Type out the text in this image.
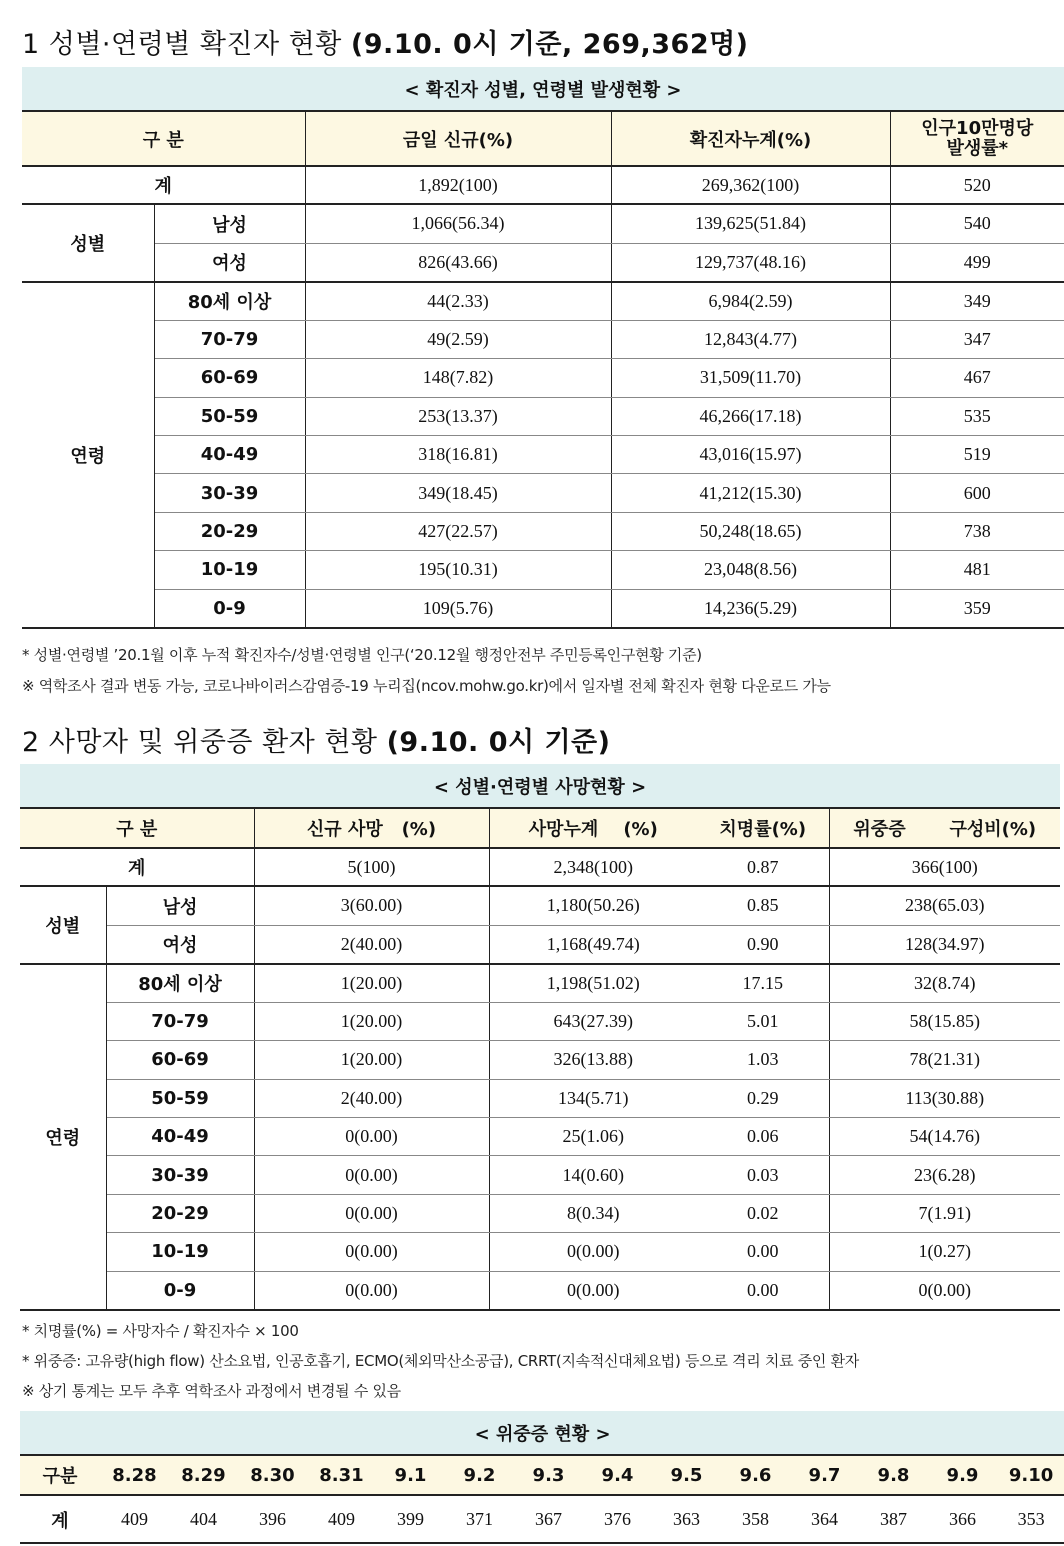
1 성별·연령별 확진자 현황 (9.10. 0시 기준, 269,362명)
< 확진자 성별, 연령별 발생현황 >				
구 분		금일 신규(%)	확진자누계(%)	인구10만명당
발생률*

계		1,892(100)	269,362(100)	520
성별	남성	1,066(56.34)	139,625(51.84)	540
	여성	826(43.66)	129,737(48.16)	499
연령	80세 이상	44(2.33)	6,984(2.59)	349
	70-79	49(2.59)	12,843(4.77)	347
	60-69	148(7.82)	31,509(11.70)	467
	50-59	253(13.37)	46,266(17.18)	535
	40-49	318(16.81)	43,016(15.97)	519
	30-39	349(18.45)	41,212(15.30)	600
	20-29	427(22.57)	50,248(18.65)	738
	10-19	195(10.31)	23,048(8.56)	481
	0-9	109(5.76)	14,236(5.29)	359
* 성별·연령별 ’20.1월 이후 누적 확진자수/성별·연령별 인구(‘20.12월 행정안전부 주민등록인구현황 기준)
※ 역학조사 결과 변동 가능, 코로나바이러스감염증-19 누리집(ncov.mohw.go.kr)에서 일자별 전체 확진자 현황 다운로드 가능
2 사망자 및 위중증 환자 현황 (9.10. 0시 기준)
< 성별·연령별 사망현황 >					
구 분		신규 사망 (%)	사망누계 (%)	치명률(%)	위중증 구성비(%)
계		5(100)	2,348(100)	0.87	366(100)
성별	남성	3(60.00)	1,180(50.26)	0.85	238(65.03)
	여성	2(40.00)	1,168(49.74)	0.90	128(34.97)
연령	80세 이상	1(20.00)	1,198(51.02)	17.15	32(8.74)
	70-79	1(20.00)	643(27.39)	5.01	58(15.85)
	60-69	1(20.00)	326(13.88)	1.03	78(21.31)
	50-59	2(40.00)	134(5.71)	0.29	113(30.88)
	40-49	0(0.00)	25(1.06)	0.06	54(14.76)
	30-39	0(0.00)	14(0.60)	0.03	23(6.28)
	20-29	0(0.00)	8(0.34)	0.02	7(1.91)
	10-19	0(0.00)	0(0.00)	0.00	1(0.27)
	0-9	0(0.00)	0(0.00)	0.00	0(0.00)
* 치명률(%) = 사망자수 / 확진자수 × 100
* 위중증: 고유량(high flow) 산소요법, 인공호흡기, ECMO(체외막산소공급), CRRT(지속적신대체요법) 등으로 격리 치료 중인 환자
※ 상기 통계는 모두 추후 역학조사 과정에서 변경될 수 있음
< 위중증 현황 >														
구분	8.28	8.29	8.30	8.31	9.1	9.2	9.3	9.4	9.5	9.6	9.7	9.8	9.9	9.10
계	409	404	396	409	399	371	367	376	363	358	364	387	366	353
